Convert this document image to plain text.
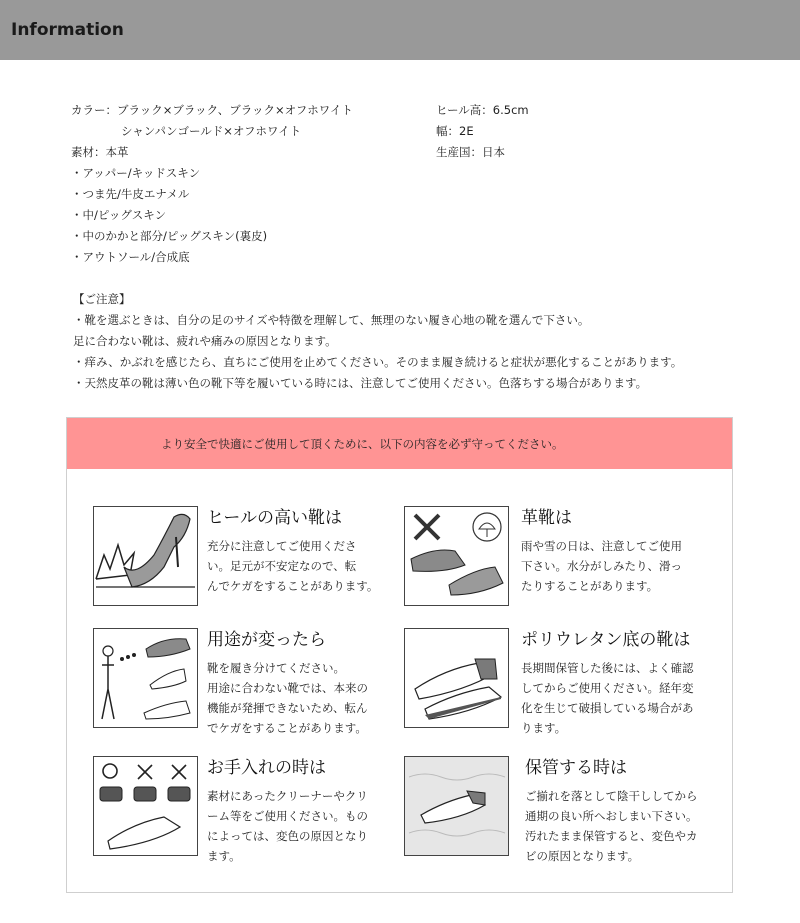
Information
カラー：ブラック×ブラック、ブラック×オフホワイト
シャンパンゴールド×オフホワイト
素材：本革
・アッパー/キッドスキン
・つま先/牛皮エナメル
・中/ピッグスキン
・中のかかと部分/ピッグスキン(裏皮)
・アウトソール/合成底
ヒール高：6.5cm
幅：2E
生産国：日本
【ご注意】
・靴を選ぶときは、自分の足のサイズや特徴を理解して、無理のない履き心地の靴を選んで下さい。
足に合わない靴は、疲れや痛みの原因となります。
・痒み、かぶれを感じたら、直ちにご使用を止めてください。そのまま履き続けると症状が悪化することがあります。
・天然皮革の靴は薄い色の靴下等を履いている時には、注意してご使用ください。色落ちする場合があります。
より安全で快適にご使用して頂くために、以下の内容を必ず守ってください。
ヒールの高い靴は
充分に注意してご使用くださ
い。足元が不安定なので、転
んでケガをすることがあります。
革靴は
雨や雪の日は、注意してご使用
下さい。水分がしみたり、滑っ
たりすることがあります。
用途が変ったら
靴を履き分けてください。
用途に合わない靴では、本来の
機能が発揮できないため、転ん
でケガをすることがあります。
ポリウレタン底の靴は
長期間保管した後には、よく確認
してからご使用ください。経年変
化を生じて破損している場合があ
ります。
お手入れの時は
素材にあったクリーナーやクリ
ーム等をご使用ください。もの
によっては、変色の原因となり
ます。
保管する時は
ご揃れを落として陰干ししてから
通期の良い所へおしまい下さい。
汚れたまま保管すると、変色やカ
ビの原因となります。
